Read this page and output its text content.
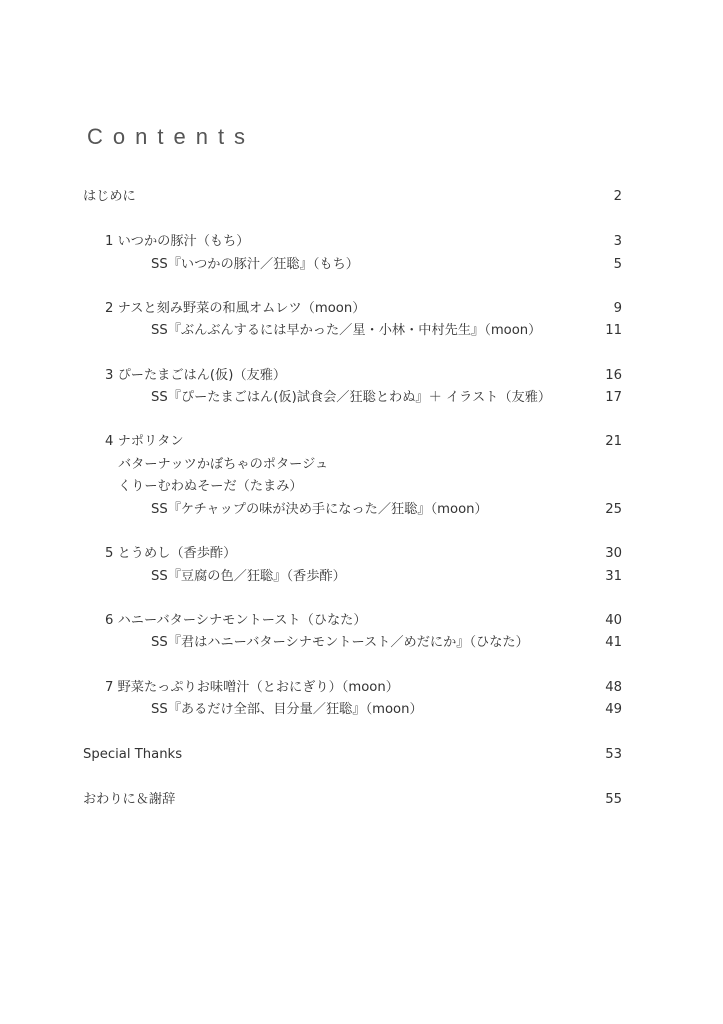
Contents
はじめに	2
1 いつかの豚汁（もち）	3
SS『いつかの豚汁／狂聡』（もち）	5
2 ナスと刻み野菜の和風オムレツ（moon）	9
SS『ぶんぶんするには早かった／星・小林・中村先生』（moon）	11
3 ぴーたまごはん(仮)（友雅）	16
SS『ぴーたまごはん(仮)試食会／狂聡とわぬ』＋ イラスト（友雅）	17
4 ナポリタン	21
バターナッツかぼちゃのポタージュ
くりーむわぬそーだ（たまみ）
SS『ケチャップの味が決め手になった／狂聡』（moon）	25
5 とうめし（香歩酢）	30
SS『豆腐の色／狂聡』（香歩酢）	31
6 ハニーバターシナモントースト（ひなた）	40
SS『君はハニーバターシナモントースト／めだにか』（ひなた）	41
7 野菜たっぷりお味噌汁（とおにぎり）（moon）	48
SS『あるだけ全部、目分量／狂聡』（moon）	49
Special Thanks	53
おわりに＆謝辞	55
